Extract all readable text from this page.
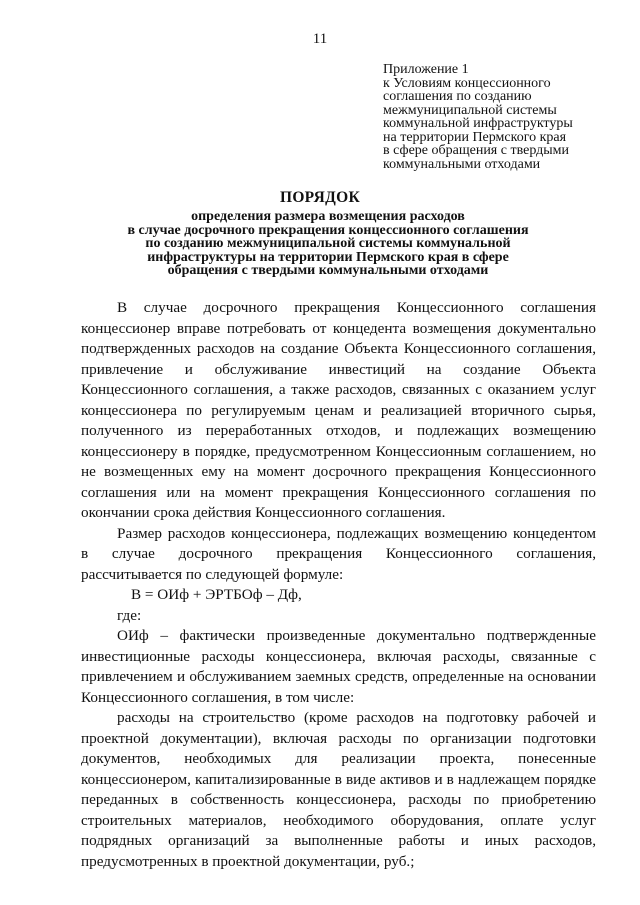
11
Приложение 1
к Условиям концессионного
соглашения по созданию
межмуниципальной системы
коммунальной инфраструктуры
на территории Пермского края
в сфере обращения с твердыми
коммунальными отходами
ПОРЯДОК
определения размера возмещения расходов
в случае досрочного прекращения концессионного соглашения
по созданию межмуниципальной системы коммунальной
инфраструктуры на территории Пермского края в сфере
обращения с твердыми коммунальными отходами

В случае досрочного прекращения Концессионного соглашения концессионер вправе потребовать от концедента возмещения документально подтвержденных расходов на создание Объекта Концессионного соглашения, привлечение и обслуживание инвестиций на создание Объекта Концессионного соглашения, а также расходов, связанных с оказанием услуг концессионера по регулируемым ценам и реализацией вторичного сырья, полученного из переработанных отходов, и подлежащих возмещению концессионеру в порядке, предусмотренном Концессионным соглашением, но не возмещенных ему на момент досрочного прекращения Концессионного соглашения или на момент прекращения Концессионного соглашения по окончании срока действия Концессионного соглашения.

Размер расходов концессионера, подлежащих возмещению концедентом в случае досрочного прекращения Концессионного соглашения, рассчитывается по следующей формуле:

В = ОИф + ЭРТБОф – Дф,

где:

ОИф – фактически произведенные документально подтвержденные инвестиционные расходы концессионера, включая расходы, связанные с привлечением и обслуживанием заемных средств, определенные на основании Концессионного соглашения, в том числе:

расходы на строительство (кроме расходов на подготовку рабочей и проектной документации), включая расходы по организации подготовки документов, необходимых для реализации проекта, понесенные концессионером, капитализированные в виде активов и в надлежащем порядке переданных в собственность концессионера, расходы по приобретению строительных материалов, необходимого оборудования, оплате услуг подрядных организаций за выполненные работы и иных расходов, предусмотренных в проектной документации, руб.;
